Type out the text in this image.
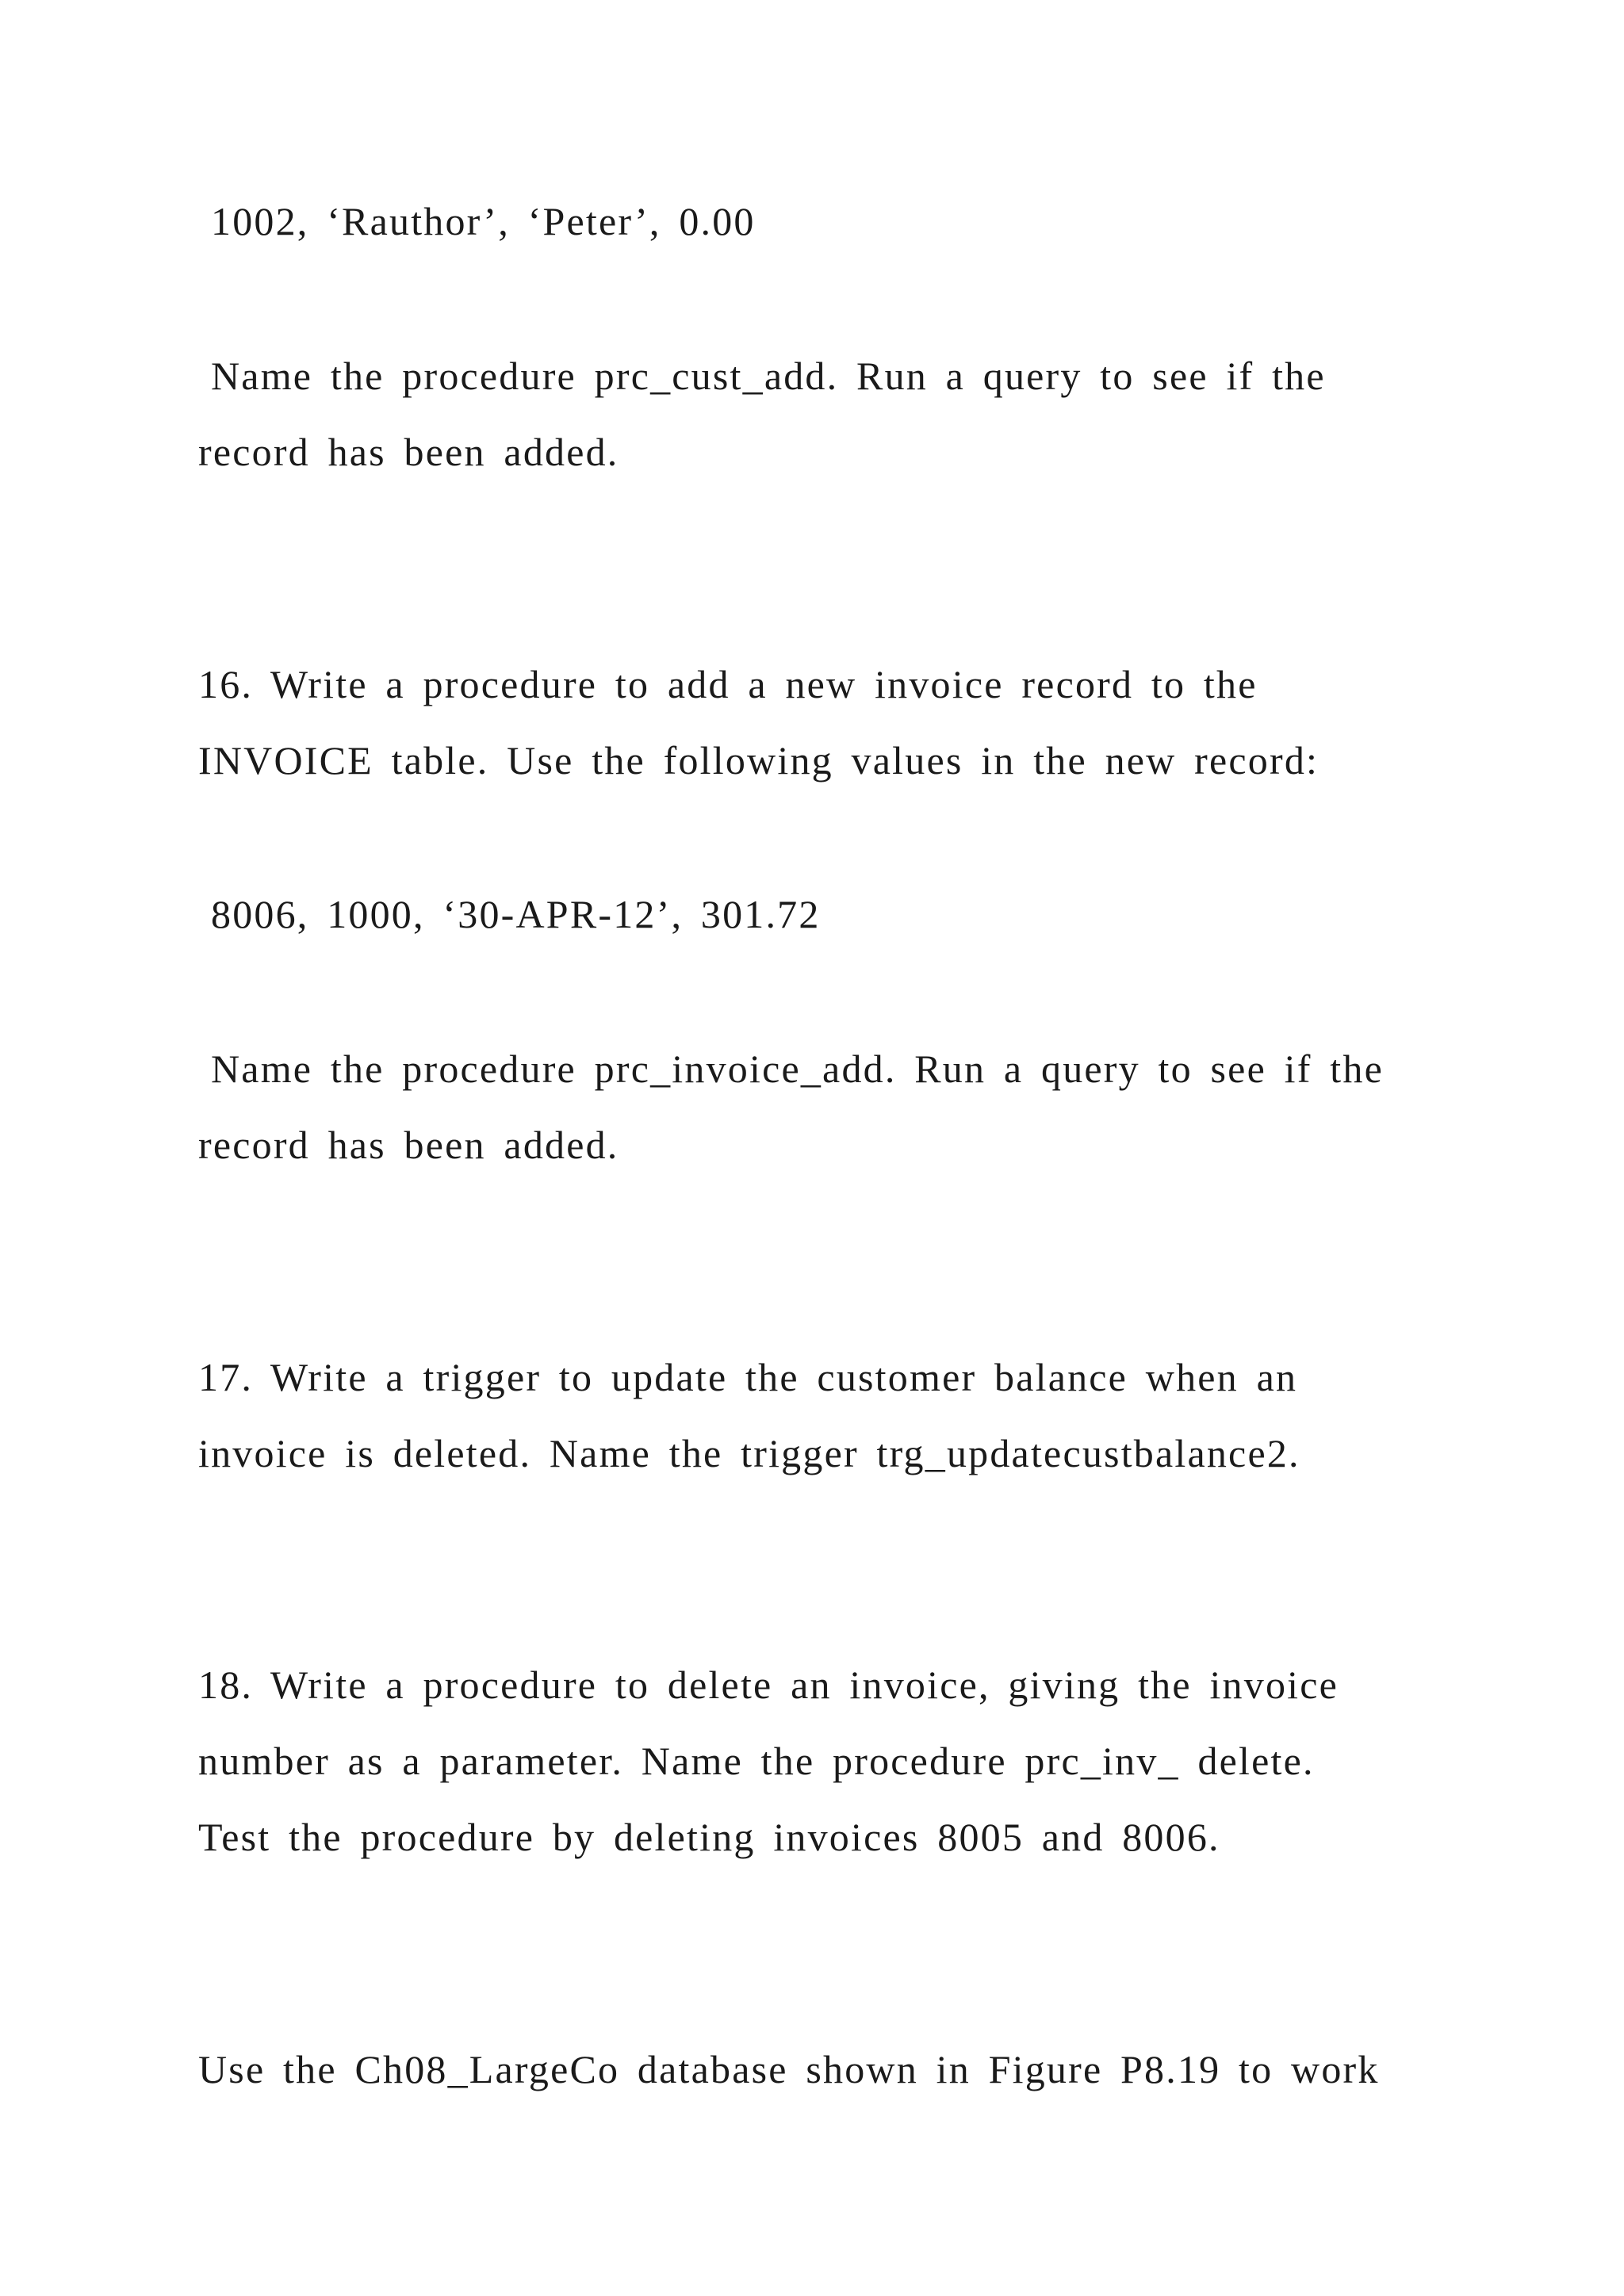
1002, ‘Rauthor’, ‘Peter’, 0.00
Name the procedure prc_cust_add. Run a query to see if the
record has been added.
16. Write a procedure to add a new invoice record to the
INVOICE table. Use the following values in the new record:
8006, 1000, ‘30-APR-12’, 301.72
Name the procedure prc_invoice_add. Run a query to see if the
record has been added.
17. Write a trigger to update the customer balance when an
invoice is deleted. Name the trigger trg_updatecustbalance2.
18. Write a procedure to delete an invoice, giving the invoice
number as a parameter. Name the procedure prc_inv_ delete.
Test the procedure by deleting invoices 8005 and 8006.
Use the Ch08_LargeCo database shown in Figure P8.19 to work
